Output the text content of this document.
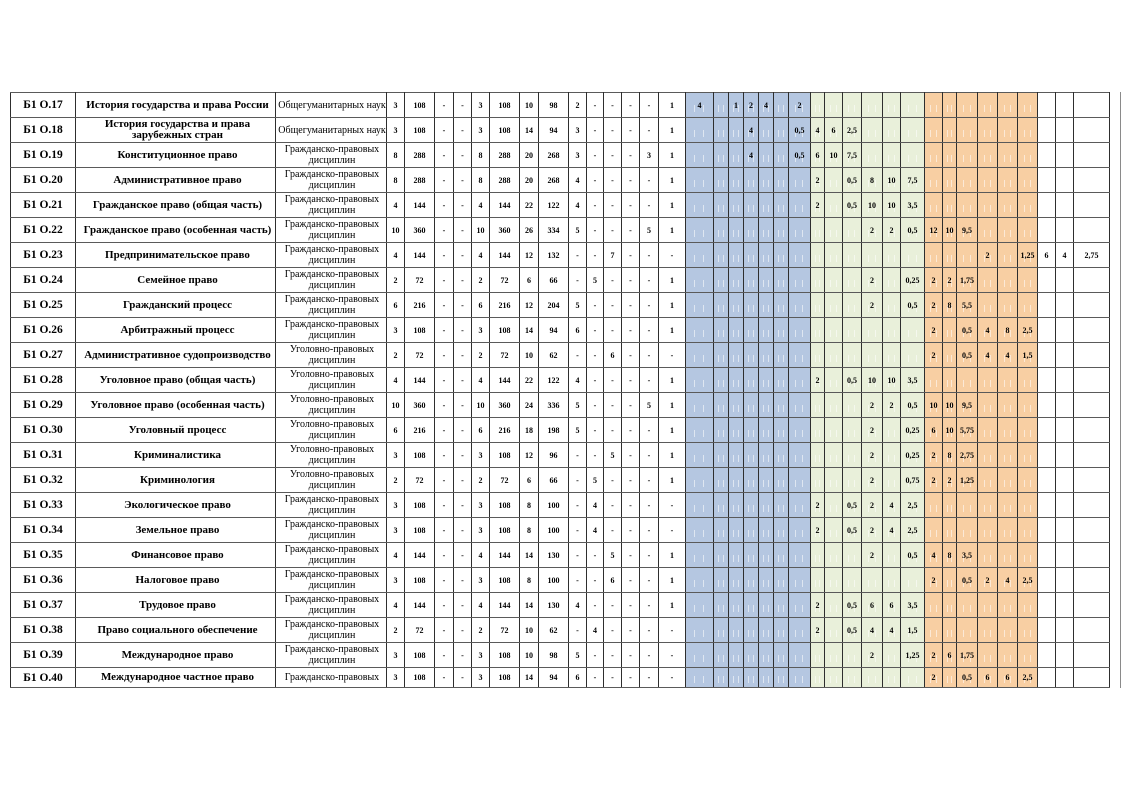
Б1 О.17	История государства и права России	Общегуманитарных наук	3	108	-	-	3	108	10	98	2	-	-	-	-	1	4		1	2	4		2															

Б1 О.18	История государства и права зарубежных стран	Общегуманитарных наук	3	108	-	-	3	108	14	94	3	-	-	-	-	1				4			0,5	4	6	2,5												

Б1 О.19	Конституционное право	Гражданско-правовых дисциплин	8	288	-	-	8	288	20	268	3	-	-	-	3	1				4			0,5	6	10	7,5												

Б1 О.20	Административное право	Гражданско-правовых дисциплин	8	288	-	-	8	288	20	268	4	-	-	-	-	1								2		0,5	8	10	7,5									

Б1 О.21	Гражданское право (общая часть)	Гражданско-правовых дисциплин	4	144	-	-	4	144	22	122	4	-	-	-	-	1								2		0,5	10	10	3,5									

Б1 О.22	Гражданское право (особенная часть)	Гражданско-правовых дисциплин	10	360	-	-	10	360	26	334	5	-	-	-	5	1											2	2	0,5	12	10	9,5						

Б1 О.23	Предпринимательское право	Гражданско-правовых дисциплин	4	144	-	-	4	144	12	132	-	-	7	-	-	-																	2		1,25	6	4	2,75

Б1 О.24	Семейное право	Гражданско-правовых дисциплин	2	72	-	-	2	72	6	66	-	5	-	-	-	1											2		0,25	2	2	1,75						

Б1 О.25	Гражданский процесс	Гражданско-правовых дисциплин	6	216	-	-	6	216	12	204	5	-	-	-	-	1											2		0,5	2	8	5,5						

Б1 О.26	Арбитражный процесс	Гражданско-правовых дисциплин	3	108	-	-	3	108	14	94	6	-	-	-	-	1														2		0,5	4	8	2,5			

Б1 О.27	Административное судопроизводство	Уголовно-правовых дисциплин	2	72	-	-	2	72	10	62	-	-	6	-	-	-														2		0,5	4	4	1,5			

Б1 О.28	Уголовное право (общая часть)	Уголовно-правовых дисциплин	4	144	-	-	4	144	22	122	4	-	-	-	-	1								2		0,5	10	10	3,5									

Б1 О.29	Уголовное право (особенная часть)	Уголовно-правовых дисциплин	10	360	-	-	10	360	24	336	5	-	-	-	5	1											2	2	0,5	10	10	9,5						

Б1 О.30	Уголовный процесс	Уголовно-правовых дисциплин	6	216	-	-	6	216	18	198	5	-	-	-	-	1											2		0,25	6	10	5,75						

Б1 О.31	Криминалистика	Уголовно-правовых дисциплин	3	108	-	-	3	108	12	96	-	-	5	-	-	1											2		0,25	2	8	2,75						

Б1 О.32	Криминология	Уголовно-правовых дисциплин	2	72	-	-	2	72	6	66	-	5	-	-	-	1											2		0,75	2	2	1,25						

Б1 О.33	Экологическое право	Гражданско-правовых дисциплин	3	108	-	-	3	108	8	100	-	4	-	-	-	-								2		0,5	2	4	2,5									

Б1 О.34	Земельное право	Гражданско-правовых дисциплин	3	108	-	-	3	108	8	100	-	4	-	-	-	-								2		0,5	2	4	2,5									

Б1 О.35	Финансовое право	Гражданско-правовых дисциплин	4	144	-	-	4	144	14	130	-	-	5	-	-	1											2		0,5	4	8	3,5						

Б1 О.36	Налоговое право	Гражданско-правовых дисциплин	3	108	-	-	3	108	8	100	-	-	6	-	-	1														2		0,5	2	4	2,5			

Б1 О.37	Трудовое право	Гражданско-правовых дисциплин	4	144	-	-	4	144	14	130	4	-	-	-	-	1								2		0,5	6	6	3,5									

Б1 О.38	Право социального обеспечение	Гражданско-правовых дисциплин	2	72	-	-	2	72	10	62	-	4	-	-	-	-								2		0,5	4	4	1,5									

Б1 О.39	Международное право	Гражданско-правовых дисциплин	3	108	-	-	3	108	10	98	5	-	-	-	-	-											2		1,25	2	6	1,75						

Б1 О.40	Международное частное право	Гражданско-правовых	3	108	-	-	3	108	14	94	6	-	-	-	-	-														2		0,5	6	6	2,5			
